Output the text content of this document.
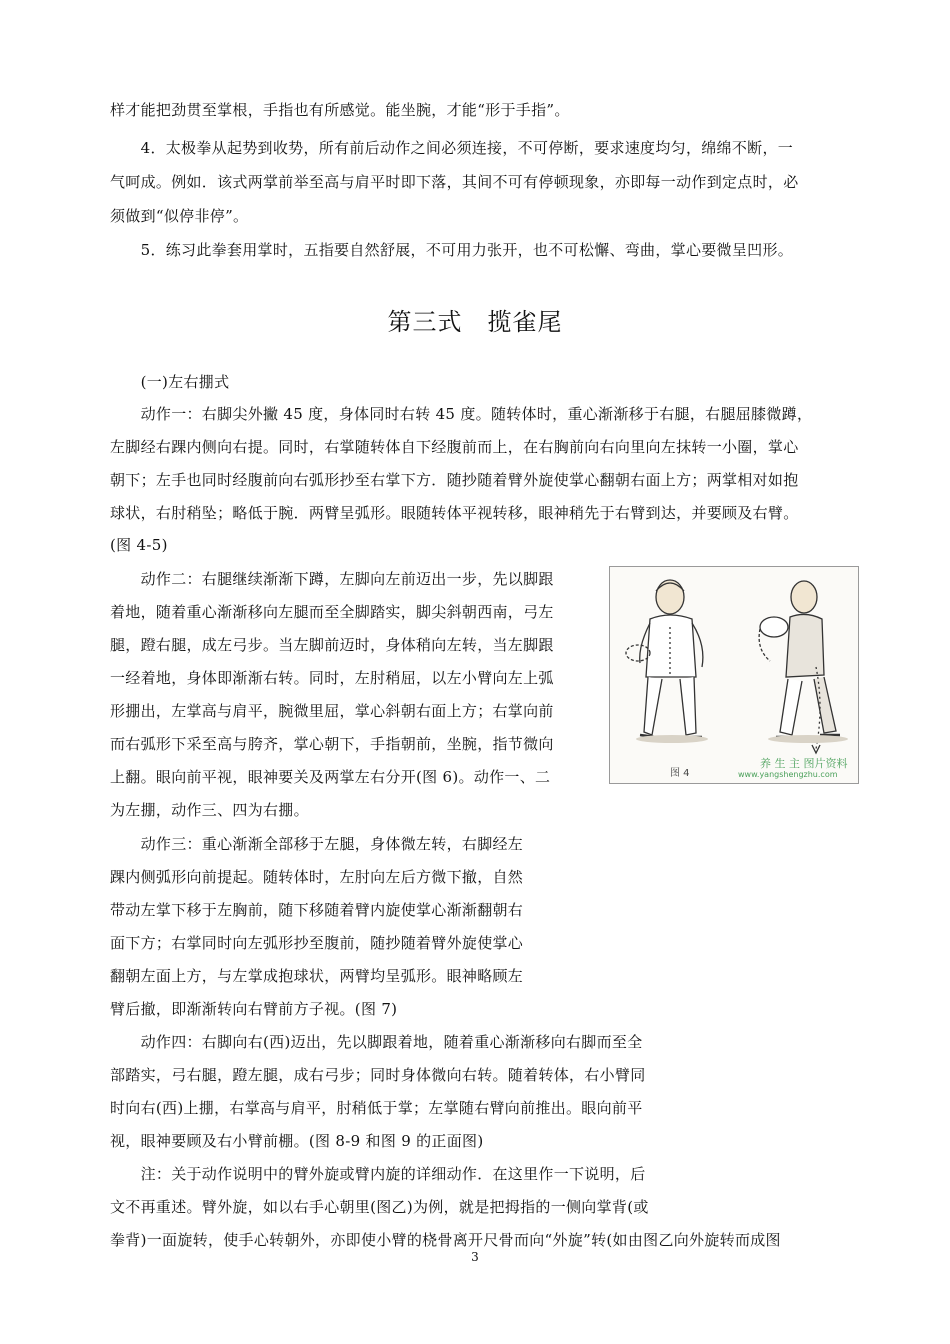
样才能把劲贯至掌根，手指也有所感觉。能坐腕，才能“形于手指”。
　　4．太极拳从起势到收势，所有前后动作之间必须连接，不可停断，要求速度均匀，绵绵不断，一
气呵成。例如．该式两掌前举至高与肩平时即下落，其间不可有停顿现象，亦即每一动作到定点时，必
须做到“似停非停”。
　　5．练习此拳套用掌时，五指要自然舒展，不可用力张开，也不可松懈、弯曲，掌心要微呈凹形。
第三式　揽雀尾
　　(一)左右掤式
　　动作一：右脚尖外撇 45 度，身体同时右转 45 度。随转体时，重心渐渐移于右腿，右腿屈膝微蹲，
左脚经右踝内侧向右提。同时，右掌随转体自下经腹前而上，在右胸前向右向里向左抹转一小圈，掌心
朝下；左手也同时经腹前向右弧形抄至右掌下方．随抄随着臂外旋使掌心翻朝右面上方；两掌相对如抱
球状，右肘稍坠；略低于腕．两臂呈弧形。眼随转体平视转移，眼神稍先于右臂到达，并要顾及右臂。
(图 4-5)
　　动作二：右腿继续渐渐下蹲，左脚向左前迈出一步，先以脚跟
着地，随着重心渐渐移向左腿而至全脚踏实，脚尖斜朝西南，弓左
腿，蹬右腿，成左弓步。当左脚前迈时，身体稍向左转，当左脚跟
一经着地，身体即渐渐右转。同时，左肘稍屈，以左小臂向左上弧
形掤出，左掌高与肩平，腕微里屈，掌心斜朝右面上方；右掌向前
而右弧形下采至高与胯齐，掌心朝下，手指朝前，坐腕，指节微向
上翻。眼向前平视，眼神要关及两掌左右分开(图 6)。动作一、二
为左掤，动作三、四为右掤。
　　动作三：重心渐渐全部移于左腿，身体微左转，右脚经左
踝内侧弧形向前提起。随转体时，左肘向左后方微下撤，自然
带动左掌下移于左胸前，随下移随着臂内旋使掌心渐渐翻朝右
面下方；右掌同时向左弧形抄至腹前，随抄随着臂外旋使掌心
翻朝左面上方，与左掌成抱球状，两臂均呈弧形。眼神略顾左
臂后撤，即渐渐转向右臂前方子视。(图 7)
　　动作四：右脚向右(西)迈出，先以脚跟着地，随着重心渐渐移向右脚而至全
部踏实，弓右腿，蹬左腿，成右弓步；同时身体微向右转。随着转体，右小臂同
时向右(西)上掤，右掌高与肩平，肘稍低于掌；左掌随右臂向前推出。眼向前平
视，眼神要顾及右小臂前棚。(图 8-9 和图 9 的正面图)
　　注：关于动作说明中的臂外旋或臂内旋的详细动作．在这里作一下说明，后
文不再重述。臂外旋，如以右手心朝里(图乙)为例，就是把拇指的一侧向掌背(或
拳背)一面旋转，使手心转朝外，亦即使小臂的桡骨离开尺骨而向“外旋”转(如由图乙向外旋转而成图
图 4
养 生 主 图片资料
www.yangshengzhu.com
3
